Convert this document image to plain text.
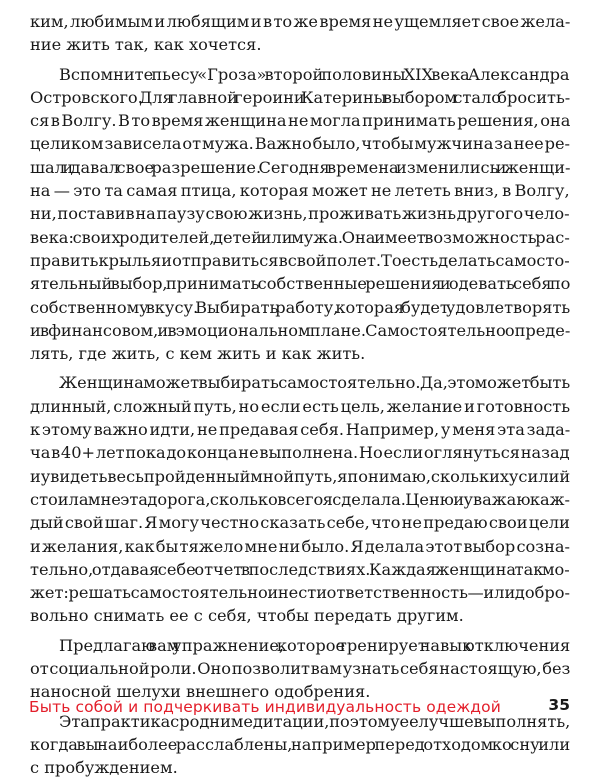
ким, любимым и любящим и в то же время не ущемляет свое жела-
ние жить так, как хочется.
Вспомните пьесу «Гроза» второй половины XIX века Александра
Островского. Для главной героини Катерины выбором стало бросить-
ся в Волгу. В то время женщина не могла принимать решения, она
целиком зависела от мужа. Важно было, чтобы мужчина за нее ре-
шал и давал свое разрешение. Сегодня времена изменились и женщи-
на — это та самая птица, которая может не лететь вниз, в Волгу,
ни, поставив на паузу свою жизнь, проживать жизнь другого чело-
века: своих родителей, детей или мужа. Она имеет возможность рас-
править крылья и отправиться в свой полет. То есть делать самосто-
ятельный выбор, принимать собственные решения и одевать себя по
собственному вкусу. Выбирать работу, которая будет удовлетворять
и в финансовом, и в эмоциональном плане. Самостоятельно опреде-
лять, где жить, с кем жить и как жить.
Женщина может выбирать самостоятельно. Да, это может быть
длинный, сложный путь, но если есть цель, желание и готовность
к этому важно идти, не предавая себя. Например, у меня эта зада-
ча в 40+ лет пока до конца не выполнена. Но если оглянуться назад
и увидеть весь пройденный мной путь, я понимаю, скольких усилий
стоила мне эта дорога, сколько всего я сделала. Ценю и уважаю каж-
дый свой шаг. Я могу честно сказать себе, что не предаю свои цели
и желания, как бы тяжело мне ни было. Я делала этот выбор созна-
тельно, отдавая себе отчет в последствиях. Каждая женщина так мо-
жет: решать самостоятельно и нести ответственность — или добро-
вольно снимать ее с себя, чтобы передать другим.
Предлагаю вам упражнение, которое тренирует навык отключения
от социальной роли. Оно позволит вам узнать себя настоящую, без
наносной шелухи внешнего одобрения.
Эта практика сродни медитации, поэтому ее лучше выполнять,
когда вы наиболее расслаблены, например перед отходом ко сну или
с пробуждением.
Быть собой и подчеркивать индивидуальность одеждой	35
